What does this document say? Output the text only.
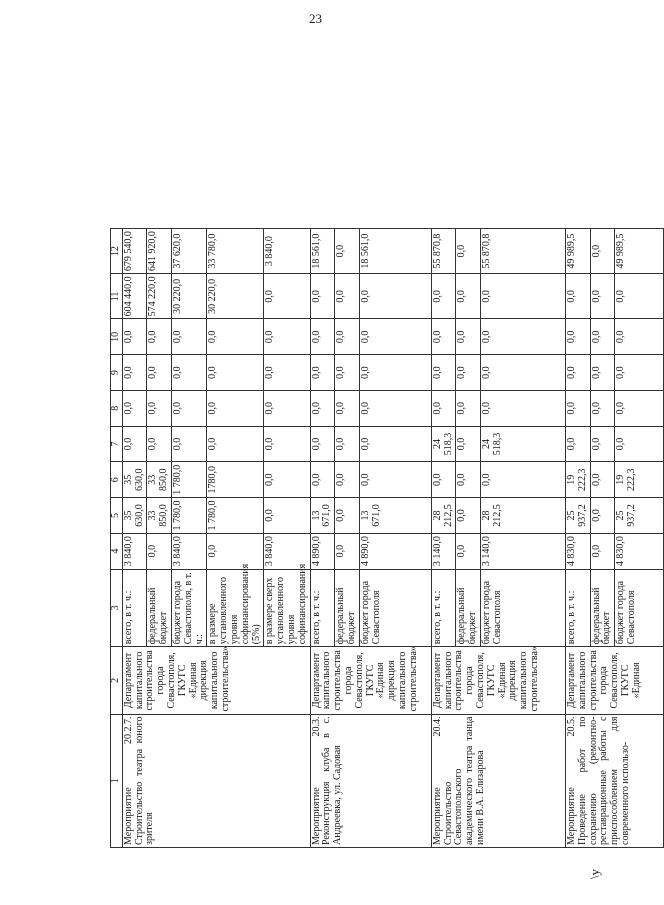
23
1	2	3	4	5	6	7	8	9	10	11	12
Мероприятие 20.2.7. Строительство театра юного зрителя	Департамент капитального строительства города Севастополя, ГКУГС «Единая дирекция капитального строительства»	всего, в т. ч.:	3 840,0	35 630,0	35 630,0	0,0	0,0	0,0	0,0	604 440,0	679 540,0
		федеральный бюджет	0,0	33 850,0	33 850,0	0,0	0,0	0,0	0,0	574 220,0	641 920,0
		бюджет города Севастополя, в т. ч.:	3 840,0	1 780,0	1 780,0	0,0	0,0	0,0	0,0	30 220,0	37 620,0
		в размере установленного уровня софинансирования (5%)	0,0	1 780,0	1780,0	0,0	0,0	0,0	0,0	30 220,0	33 780,0
		в размере сверх установленного уровня софинансирования	3 840,0	0,0	0,0	0,0	0,0	0,0	0,0	0,0	3 840,0
Мероприятие 20.3. Реконструкция клуба в с. Андреевка, ул. Садовая	Департамент капитального строительства города Севастополя, ГКУГС «Единая дирекция капитального строительства»	всего, в т. ч.:	4 890,0	13 671,0	0,0	0,0	0,0	0,0	0,0	0,0	18 561,0
		федеральный бюджет	0,0	0,0	0,0	0,0	0,0	0,0	0,0	0,0	0,0
		бюджет города Севастополя	4 890,0	13 671,0	0,0	0,0	0,0	0,0	0,0	0,0	18 561,0
Мероприятие 20.4. Строительство Севастопольского академического театра танца имени В.А. Елизарова	Департамент капитального строительства города Севастополя, ГКУГС «Единая дирекция капитального строительства»	всего, в т. ч.:	3 140,0	28 212,5	0,0	24 518,3	0,0	0,0	0,0	0,0	55 870,8
		федеральный бюджет	0,0	0,0	0,0	0,0	0,0	0,0	0,0	0,0	0,0
		бюджет города Севастополя	3 140,0	28 212,5	0,0	24 518,3	0,0	0,0	0,0	0,0	55 870,8
Мероприятие 20.5. Проведение работ по сохранению (ремонтно-реставрационные работы с приспособлением для современного использо-	Департамент капитального строительства города Севастополя, ГКУГС «Единая	всего, в т. ч.:	4 830,0	25 937,2	19 222,3	0,0	0,0	0,0	0,0	0,0	49 989,5
		федеральный бюджет	0,0	0,0	0,0	0,0	0,0	0,0	0,0	0,0	0,0
		бюджет города Севастополя	4 830,0	25 937,2	19 222,3	0,0	0,0	0,0	0,0	0,0	49 989,5
\у
